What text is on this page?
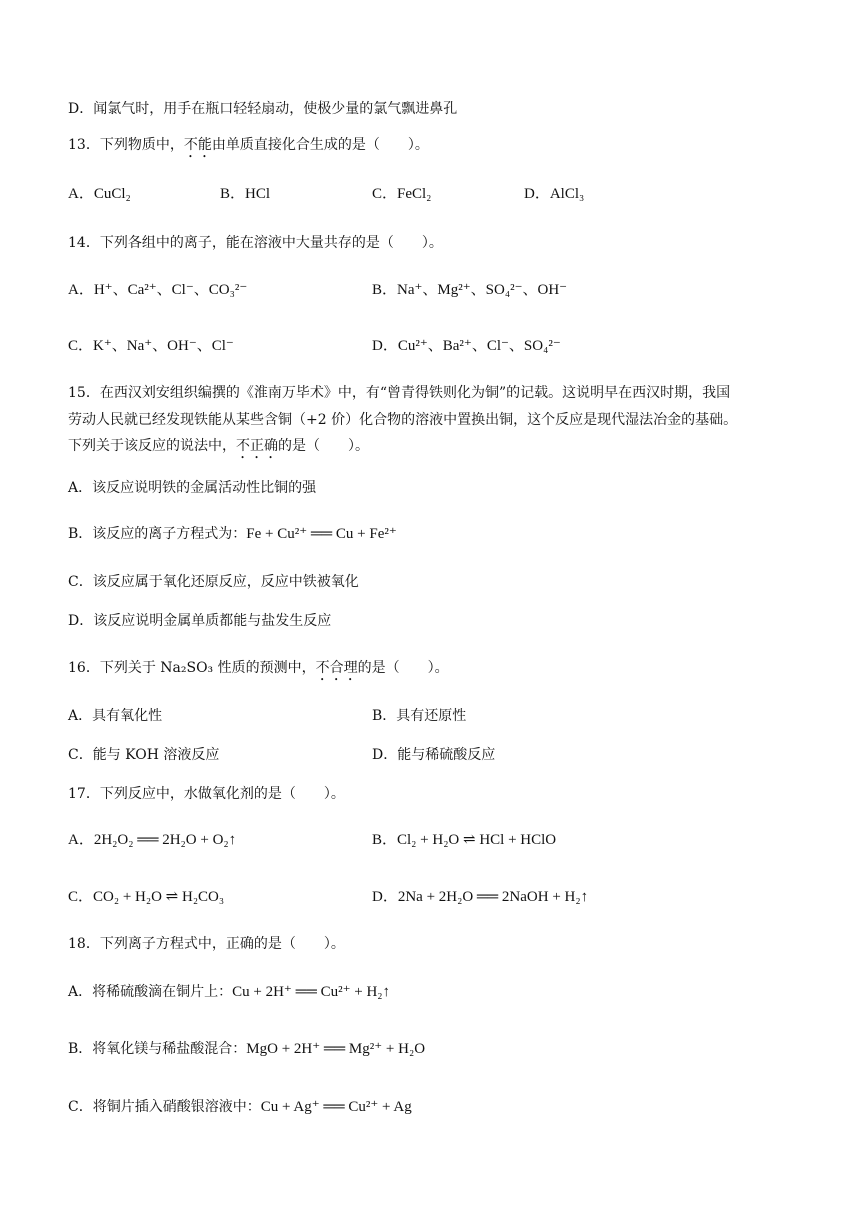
D．闻氯气时，用手在瓶口轻轻扇动，使极少量的氯气飘进鼻孔
13．下列物质中，不能由单质直接化合生成的是（　　）。
A．CuCl₂	B．HCl	C．FeCl₂	D．AlCl₃
14．下列各组中的离子，能在溶液中大量共存的是（　　）。
A．H⁺、Ca²⁺、Cl⁻、CO₃²⁻	B．Na⁺、Mg²⁺、SO₄²⁻、OH⁻
C．K⁺、Na⁺、OH⁻、Cl⁻	D．Cu²⁺、Ba²⁺、Cl⁻、SO₄²⁻
15．在西汉刘安组织编撰的《淮南万毕术》中，有“曾青得铁则化为铜”的记载。这说明早在西汉时期，我国
劳动人民就已经发现铁能从某些含铜（+2 价）化合物的溶液中置换出铜，这个反应是现代湿法冶金的基础。
下列关于该反应的说法中，不正确的是（　　）。
A．该反应说明铁的金属活动性比铜的强
B．该反应的离子方程式为：Fe + Cu²⁺ ══ Cu + Fe²⁺
C．该反应属于氧化还原反应，反应中铁被氧化
D．该反应说明金属单质都能与盐发生反应
16．下列关于 Na₂SO₃ 性质的预测中，不合理的是（　　）。
A．具有氧化性	B．具有还原性
C．能与 KOH 溶液反应	D．能与稀硫酸反应
17．下列反应中，水做氧化剂的是（　　）。
A．2H₂O₂ ══ 2H₂O + O₂↑	B．Cl₂ + H₂O ⇌ HCl + HClO
C．CO₂ + H₂O ⇌ H₂CO₃	D．2Na + 2H₂O ══ 2NaOH + H₂↑
18．下列离子方程式中，正确的是（　　）。
A．将稀硫酸滴在铜片上：Cu + 2H⁺ ══ Cu²⁺ + H₂↑
B．将氧化镁与稀盐酸混合：MgO + 2H⁺ ══ Mg²⁺ + H₂O
C．将铜片插入硝酸银溶液中：Cu + Ag⁺ ══ Cu²⁺ + Ag
